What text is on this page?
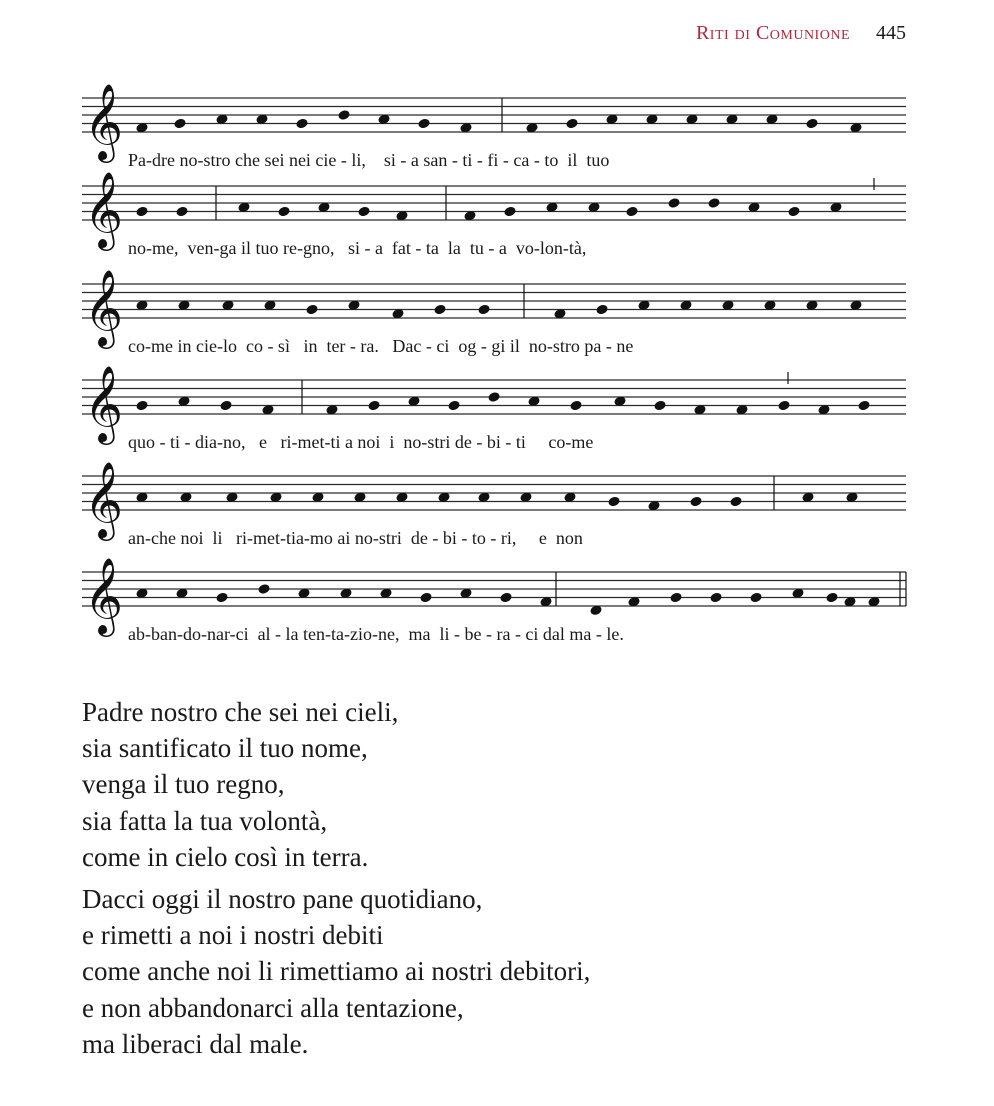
Riti di Comunione 445
𝄞 Pa-dre no-stro che sei nei cie - li,    si - a san - ti - fi - ca - to  il  tuo
𝄞 no-me,  ven-ga il tuo re-gno,   si - a  fat - ta  la  tu - a  vo-lon-tà,
𝄞 co-me in cie-lo  co - sì   in  ter - ra.   Dac - ci  og - gi il  no-stro pa - ne
𝄞 quo - ti - dia-no,   e   ri-met-ti a noi  i  no-stri de - bi - ti     co-me
𝄞 an-che noi  li   ri-met-tia-mo ai no-stri  de - bi - to - ri,     e  non
𝄞 ab-ban-do-nar-ci  al - la ten-ta-zio-ne,  ma  li - be - ra - ci dal ma - le.
Padre nostro che sei nei cieli,
sia santificato il tuo nome,
venga il tuo regno,
sia fatta la tua volontà,
come in cielo così in terra.
Dacci oggi il nostro pane quotidiano,
e rimetti a noi i nostri debiti
come anche noi li rimettiamo ai nostri debitori,
e non abbandonarci alla tentazione,
ma liberaci dal male.
